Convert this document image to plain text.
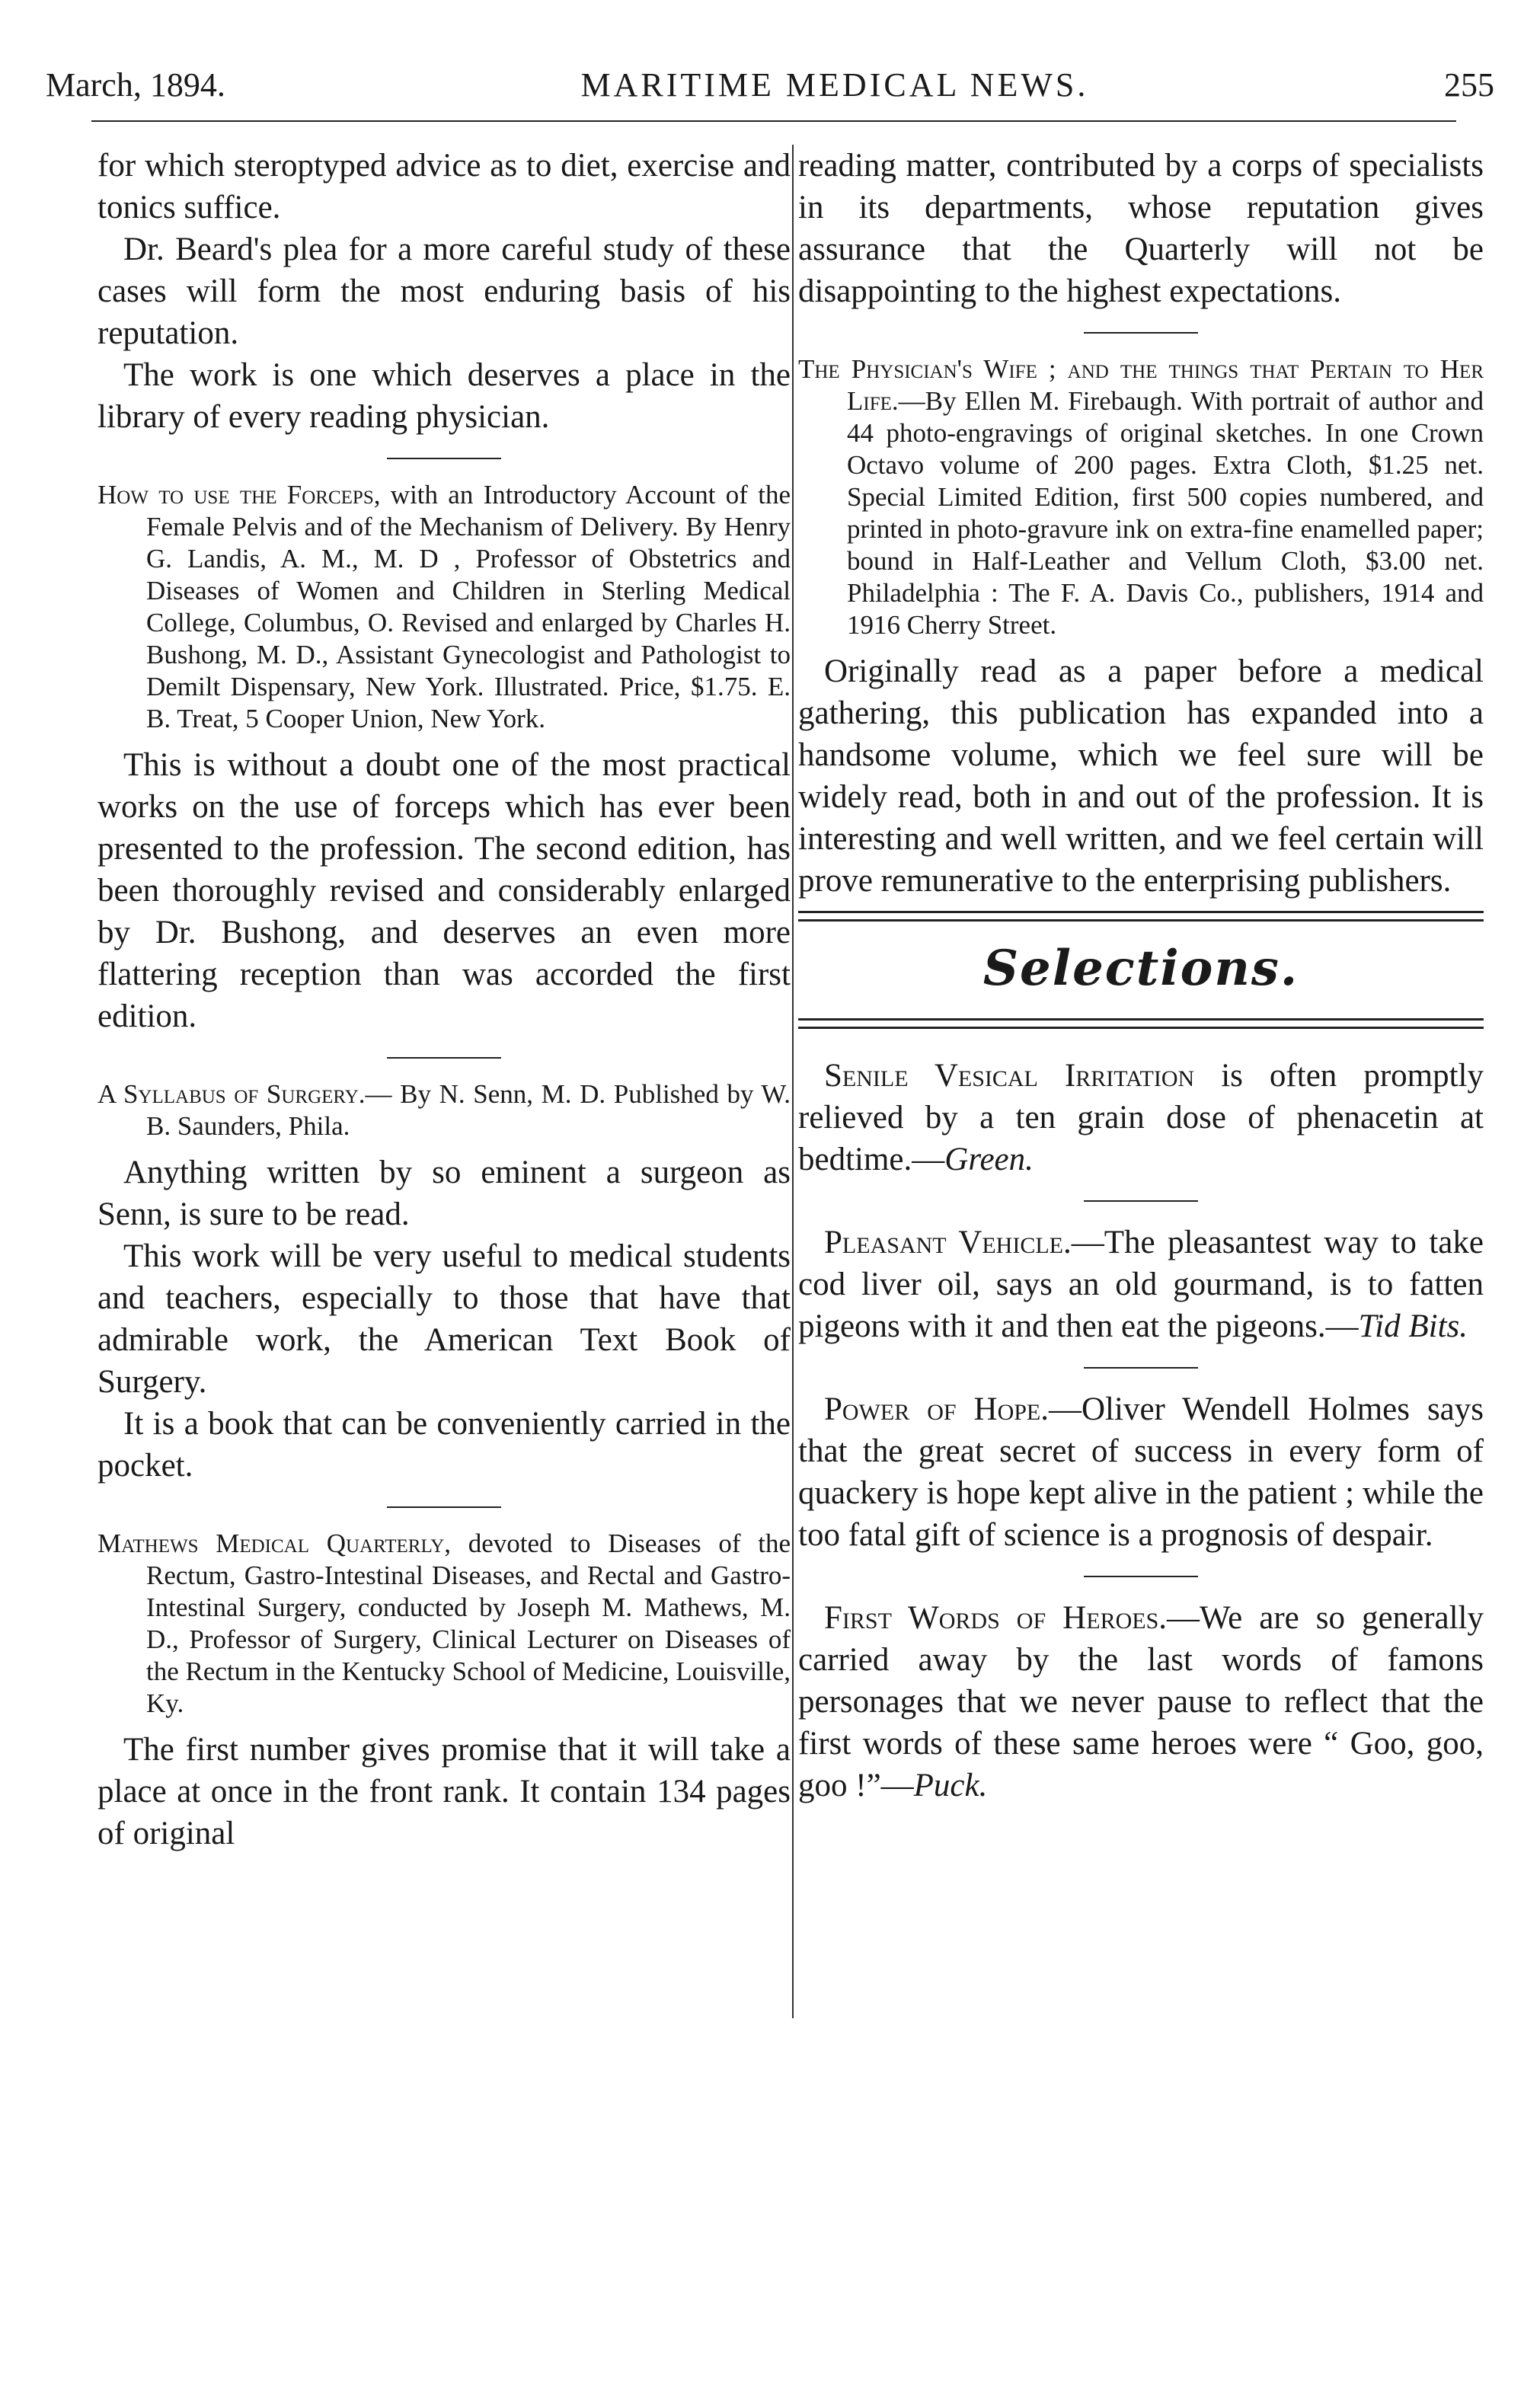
March, 1894.	MARITIME MEDICAL NEWS.	255

for which steroptyped advice as to diet, exercise and tonics suffice.

Dr. Beard's plea for a more careful study of these cases will form the most enduring basis of his reputation.

The work is one which deserves a place in the library of every reading physician.

How to use the Forceps, with an Introductory Account of the Female Pelvis and of the Mechanism of Delivery. By Henry G. Landis, A. M., M. D , Professor of Obstetrics and Diseases of Women and Children in Sterling Medical College, Columbus, O. Revised and enlarged by Charles H. Bushong, M. D., Assistant Gynecologist and Pathologist to Demilt Dispensary, New York. Illustrated. Price, $1.75. E. B. Treat, 5 Cooper Union, New York.

This is without a doubt one of the most practical works on the use of forceps which has ever been presented to the profession. The second edition, has been thoroughly revised and considerably enlarged by Dr. Bushong, and deserves an even more flattering reception than was accorded the first edition.

A Syllabus of Surgery.— By N. Senn, M. D. Published by W. B. Saunders, Phila.

Anything written by so eminent a surgeon as Senn, is sure to be read.

This work will be very useful to medical students and teachers, especially to those that have that admirable work, the American Text Book of Surgery.

It is a book that can be conveniently carried in the pocket.

Mathews Medical Quarterly, devoted to Diseases of the Rectum, Gastro-Intestinal Diseases, and Rectal and Gastro-Intestinal Surgery, conducted by Joseph M. Mathews, M. D., Professor of Surgery, Clinical Lecturer on Diseases of the Rectum in the Kentucky School of Medicine, Louisville, Ky.

The first number gives promise that it will take a place at once in the front rank. It contain 134 pages of original

reading matter, contributed by a corps of specialists in its departments, whose reputation gives assurance that the Quarterly will not be disappointing to the highest expectations.

The Physician's Wife ; and the things that Pertain to Her Life.—By Ellen M. Firebaugh. With portrait of author and 44 photo-engravings of original sketches. In one Crown Octavo volume of 200 pages. Extra Cloth, $1.25 net. Special Limited Edition, first 500 copies numbered, and printed in photo-gravure ink on extra-fine enamelled paper; bound in Half-Leather and Vellum Cloth, $3.00 net. Philadelphia : The F. A. Davis Co., publishers, 1914 and 1916 Cherry Street.

Originally read as a paper before a medical gathering, this publication has expanded into a handsome volume, which we feel sure will be widely read, both in and out of the profession. It is interesting and well written, and we feel certain will prove remunerative to the enterprising publishers.

Selections.

Senile Vesical Irritation is often promptly relieved by a ten grain dose of phenacetin at bedtime.—Green.

Pleasant Vehicle.—The pleasantest way to take cod liver oil, says an old gourmand, is to fatten pigeons with it and then eat the pigeons.—Tid Bits.

Power of Hope.—Oliver Wendell Holmes says that the great secret of success in every form of quackery is hope kept alive in the patient ; while the too fatal gift of science is a prognosis of despair.

First Words of Heroes.—We are so generally carried away by the last words of famons personages that we never pause to reflect that the first words of these same heroes were “ Goo, goo, goo !”—Puck.
